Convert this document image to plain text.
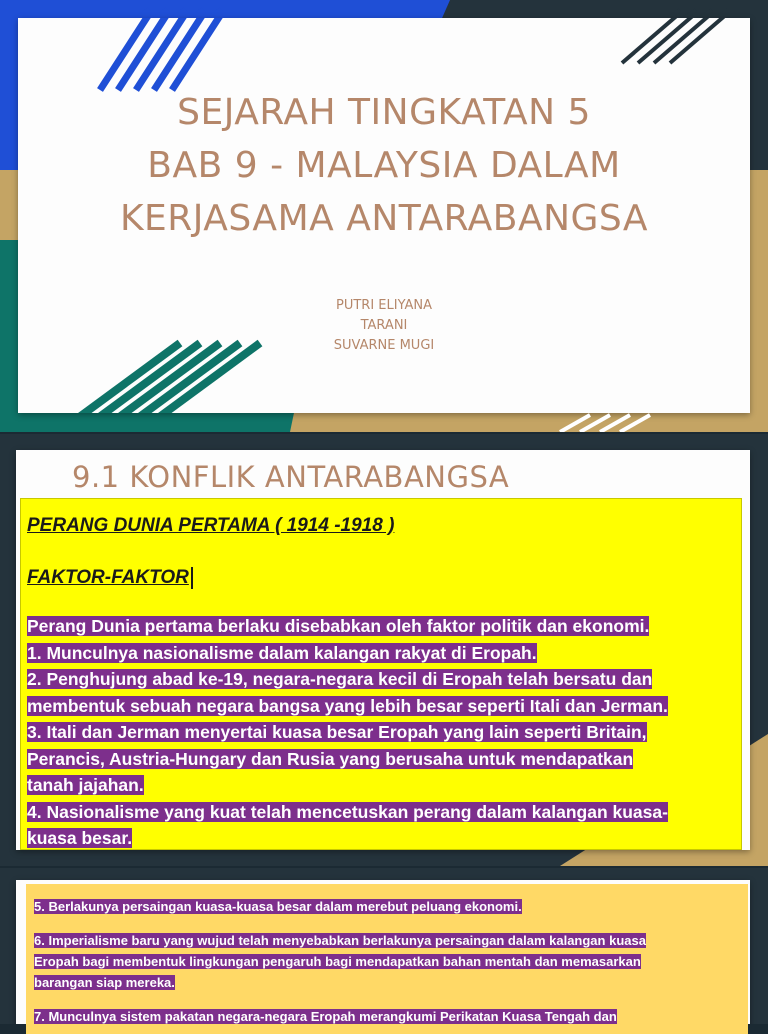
SEJARAH TINGKATAN 5
BAB 9 - MALAYSIA DALAM
KERJASAMA ANTARABANGSA
PUTRI ELIYANA
TARANI
SUVARNE MUGI
9.1 KONFLIK ANTARABANGSA
PERANG DUNIA PERTAMA ( 1914 -1918 )
FAKTOR-FAKTOR
Perang Dunia pertama berlaku disebabkan oleh faktor politik dan ekonomi.
1. Munculnya nasionalisme dalam kalangan rakyat di Eropah.
2. Penghujung abad ke-19, negara-negara kecil di Eropah telah bersatu dan
membentuk sebuah negara bangsa yang lebih besar seperti Itali dan Jerman.
3. Itali dan Jerman menyertai kuasa besar Eropah yang lain seperti Britain,
Perancis, Austria-Hungary dan Rusia yang berusaha untuk mendapatkan
tanah jajahan.
4. Nasionalisme yang kuat telah mencetuskan perang dalam kalangan kuasa-
kuasa besar.
5. Berlakunya persaingan kuasa-kuasa besar dalam merebut peluang ekonomi.
6. Imperialisme baru yang wujud telah menyebabkan berlakunya persaingan dalam kalangan kuasa
Eropah bagi membentuk lingkungan pengaruh bagi mendapatkan bahan mentah dan memasarkan
barangan siap mereka.
7. Munculnya sistem pakatan negara-negara Eropah merangkumi Perikatan Kuasa Tengah dan
